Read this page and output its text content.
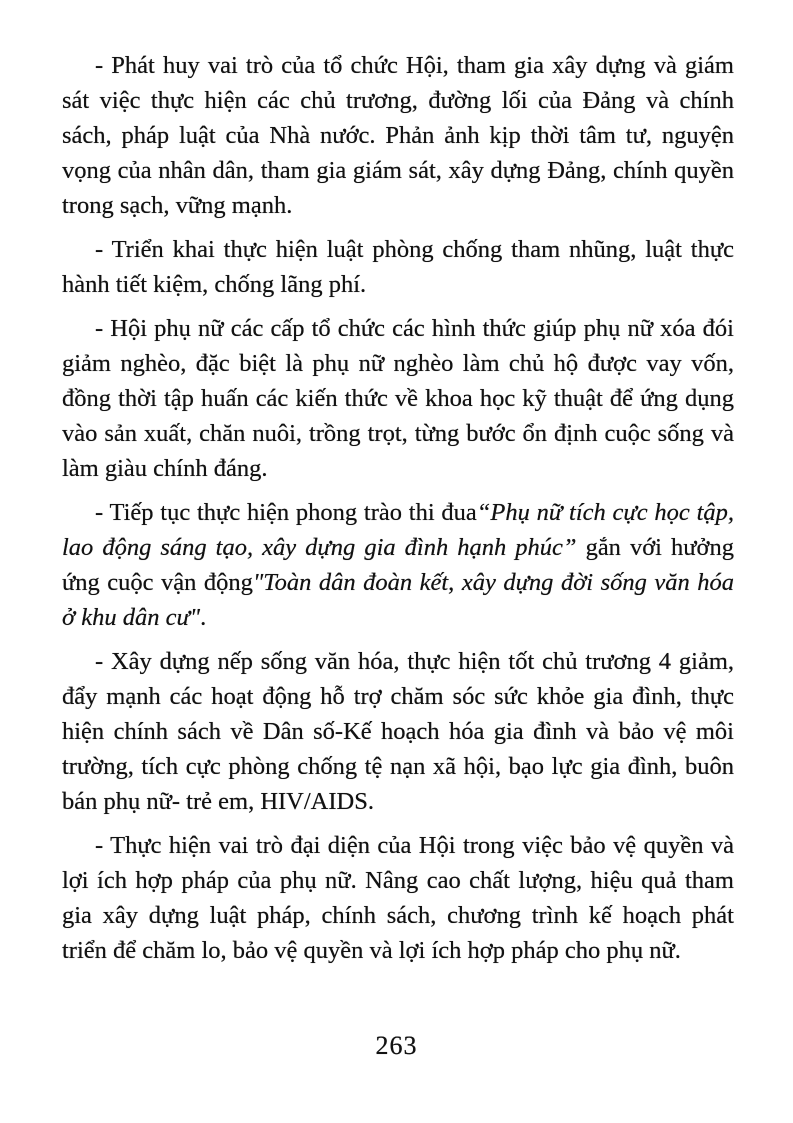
- Phát huy vai trò của tổ chức Hội, tham gia xây dựng và giám sát việc thực hiện các chủ trương, đường lối của Đảng và chính sách, pháp luật của Nhà nước. Phản ảnh kịp thời tâm tư, nguyện vọng của nhân dân, tham gia giám sát, xây dựng Đảng, chính quyền trong sạch, vững mạnh.

- Triển khai thực hiện luật phòng chống tham nhũng, luật thực hành tiết kiệm, chống lãng phí.

- Hội phụ nữ các cấp tổ chức các hình thức giúp phụ nữ xóa đói giảm nghèo, đặc biệt là phụ nữ nghèo làm chủ hộ được vay vốn, đồng thời tập huấn các kiến thức về khoa học kỹ thuật để ứng dụng vào sản xuất, chăn nuôi, trồng trọt, từng bước ổn định cuộc sống và làm giàu chính đáng.

- Tiếp tục thực hiện phong trào thi đua“Phụ nữ tích cực học tập, lao động sáng tạo, xây dựng gia đình hạnh phúc” gắn với hưởng ứng cuộc vận động"Toàn dân đoàn kết, xây dựng đời sống văn hóa ở khu dân cư".

- Xây dựng nếp sống văn hóa, thực hiện tốt chủ trương 4 giảm, đẩy mạnh các hoạt động hỗ trợ chăm sóc sức khỏe gia đình, thực hiện chính sách về Dân số-Kế hoạch hóa gia đình và bảo vệ môi trường, tích cực phòng chống tệ nạn xã hội, bạo lực gia đình, buôn bán phụ nữ- trẻ em, HIV/AIDS.

- Thực hiện vai trò đại diện của Hội trong việc bảo vệ quyền và lợi ích hợp pháp của phụ nữ. Nâng cao chất lượng, hiệu quả tham gia xây dựng luật pháp, chính sách, chương trình kế hoạch phát triển để chăm lo, bảo vệ quyền và lợi ích hợp pháp cho phụ nữ.

263
